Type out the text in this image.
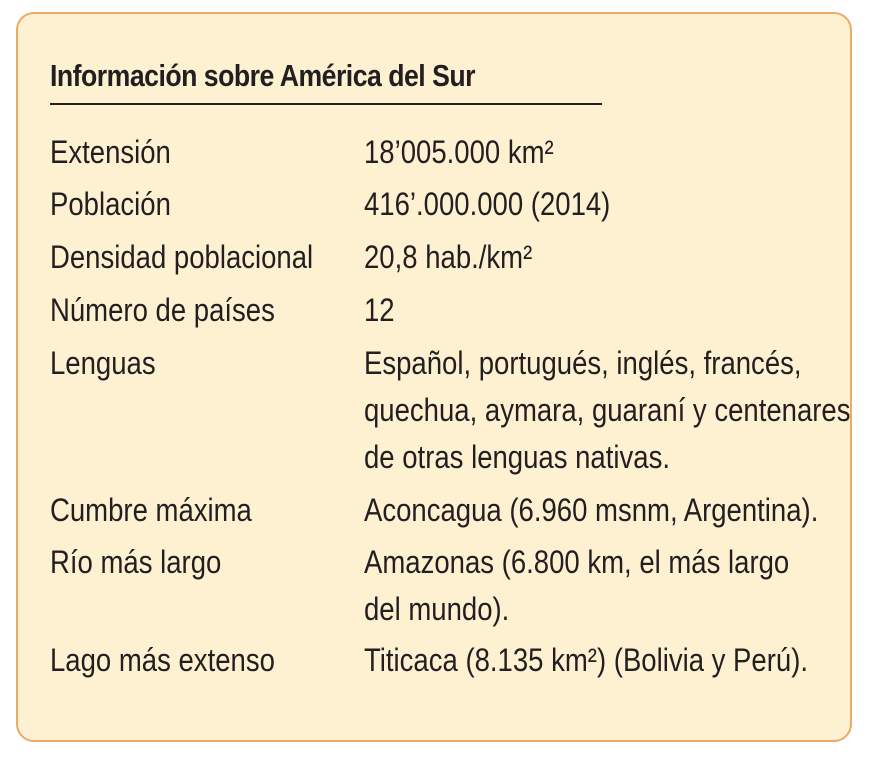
Información sobre América del Sur
Extensión	18’005.000 km²
Población	416’.000.000 (2014)
Densidad poblacional 20,8 hab./km²
Número de países	12
Lenguas	Español, portugués, inglés, francés,
quechua, aymara, guaraní y centenares
de otras lenguas nativas.
Cumbre máxima	Aconcagua (6.960 msnm, Argentina).
Río más largo	Amazonas (6.800 km, el más largo
del mundo).
Lago más extenso	Titicaca (8.135 km²) (Bolivia y Perú).
